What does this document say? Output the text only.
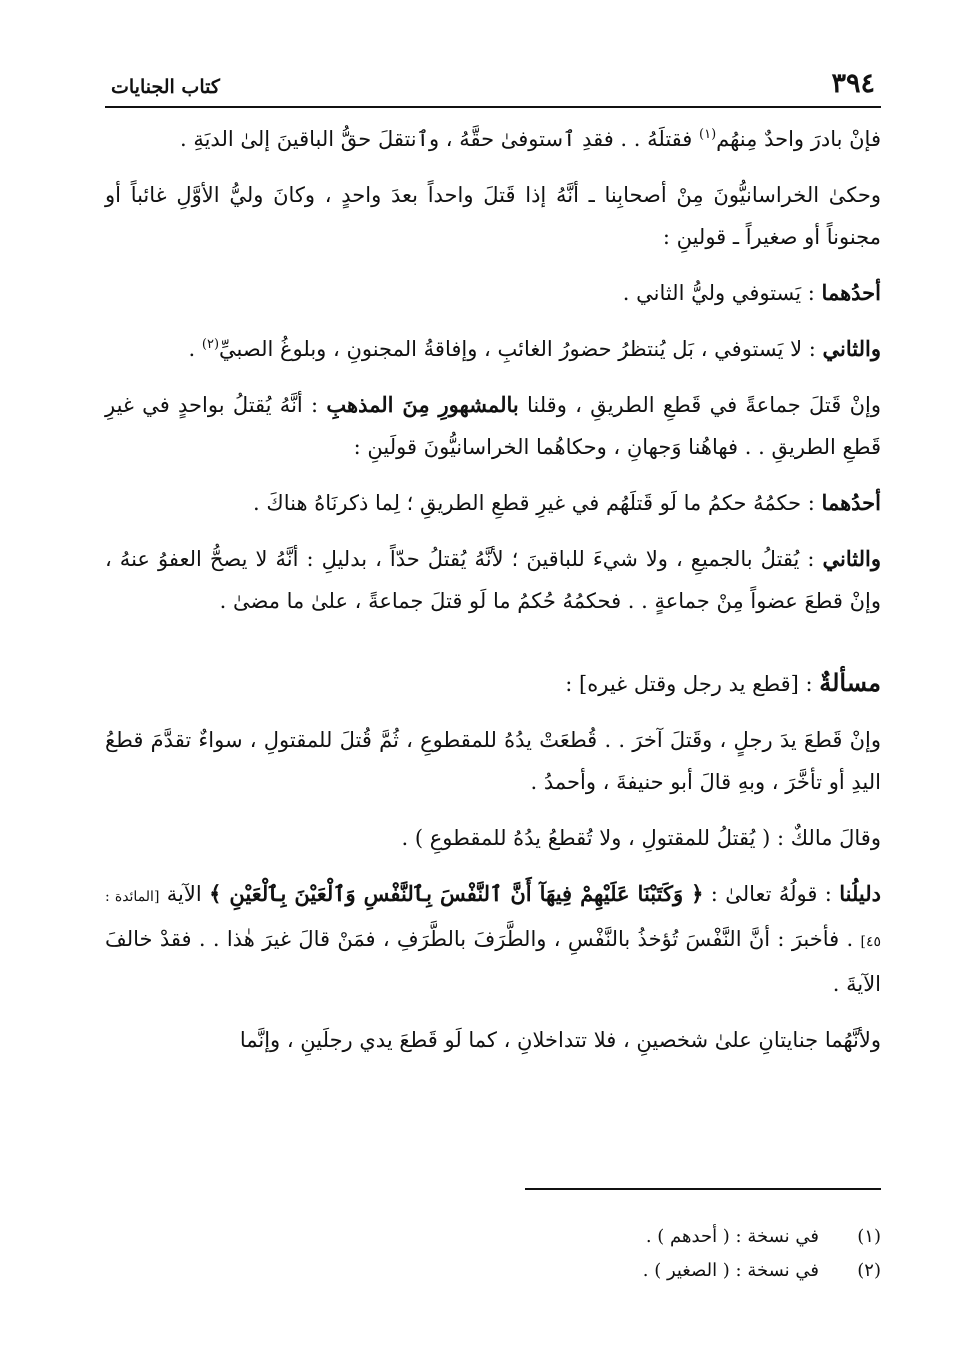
٣٩٤
كتاب الجنايات

فإنْ بادرَ واحدٌ مِنهُم$^{(١)}$ فقتلَهُ . . فقدِ ٱستوفىٰ حقَّهُ ، وٱنتقلَ حقُّ الباقينَ إلىٰ الديَةِ .

وحكىٰ الخراسانيُّونَ مِنْ أصحابِنا ـ أنَّهُ إذا قَتلَ واحداً بعدَ واحدٍ ، وكانَ وليُّ الأوَّلِ غائباً أو مجنوناً أو صغيراً ـ قولينِ :

أحدُهما : يَستوفي وليُّ الثاني .

والثاني : لا يَستوفي ، بَل يُنتظرُ حضورُ الغائبِ ، وإفاقةُ المجنونِ ، وبلوغُ الصبيِّ$^{(٢)}$ .

وإنْ قَتلَ جماعةً في قَطعِ الطريقِ ، وقلنا بالمشهورِ مِنَ المذهبِ : أنَّهُ يُقتلُ بواحدٍ في غيرِ قَطعِ الطريقِ . . فهاهُنا وَجهانِ ، وحكاهُما الخراسانيُّونَ قولَينِ :

أحدُهما : حكمُهُ حكمُ ما لَو قَتلَهُم في غيرِ قطعِ الطريقِ ؛ لِما ذكرنَاهُ هناكَ .

والثاني : يُقتلُ بالجميعِ ، ولا شيءَ للباقينَ ؛ لأنَّهُ يُقتلُ حدّاً ، بدليلِ : أنَّهُ لا يصحُّ العفوُ عنهُ ، وإنْ قطعَ عضواً مِنْ جماعةٍ . . فحكمُهُ حُكمُ ما لَو قتلَ جماعةً ، علىٰ ما مضىٰ .

مسألةٌ : [قطع يد رجل وقتل غيره] :

وإنْ قَطعَ يدَ رجلٍ ، وقَتلَ آخرَ . . قُطعَتْ يدُهُ للمقطوعِ ، ثُمَّ قُتلَ للمقتولِ ، سواءٌ تقدَّمَ قطعُ اليدِ أو تأخَّرَ ، وبهِ قالَ أبو حنيفةَ ، وأحمدُ .

وقالَ مالكٌ : ( يُقتلُ للمقتولِ ، ولا تُقطعُ يدُهُ للمقطوعِ ) .

دليلُنا : قولُهُ تعالىٰ : ﴿ وَكَتَبْنَا عَلَيْهِمْ فِيهَآ أَنَّ ٱلنَّفْسَ بِٱلنَّفْسِ وَٱلْعَيْنَ بِٱلْعَيْنِ ﴾ الآية [المائدة : ٤٥] . فأخبرَ : أنَّ النَّفْسَ تُؤخذُ بالنَّفْسِ ، والطَّرَفَ بالطَّرَفِ ، فمَنْ قالَ غيرَ هٰذا . . فقدْ خالفَ الآيةَ .

ولأنَّهُما جنايتانِ علىٰ شخصينِ ، فلا تتداخلانِ ، كما لَو قَطعَ يدي رجلَينِ ، وإنَّما

(١)
في نسخة : ( أحدهم ) .
(٢)
في نسخة : ( الصغير ) .
